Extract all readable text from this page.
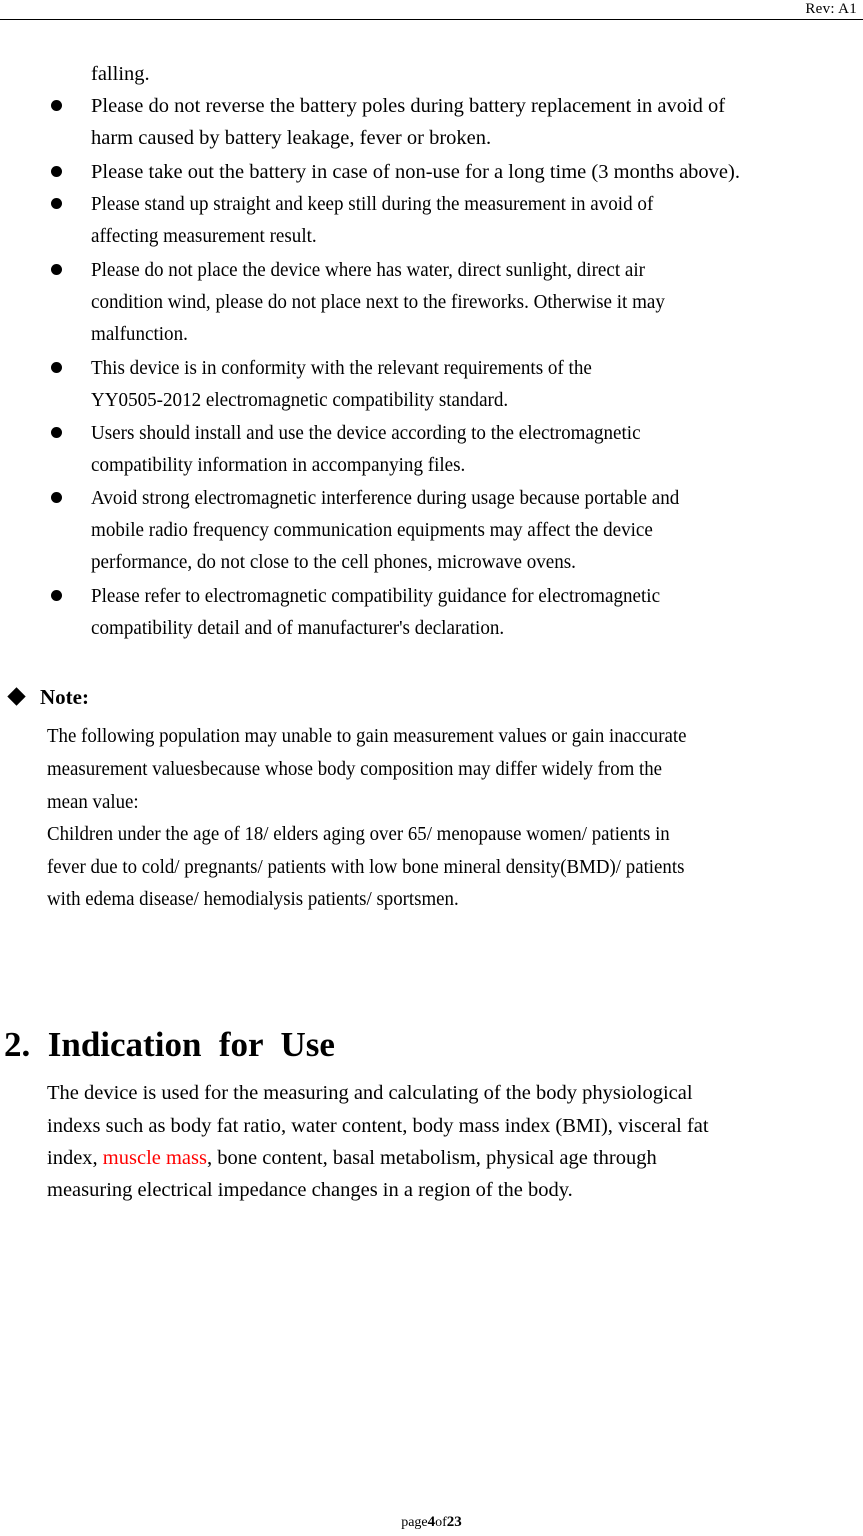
Rev: A1
falling.
Please do not reverse the battery poles during battery replacement in avoid of
harm caused by battery leakage, fever or broken.
Please take out the battery in case of non-use for a long time (3 months above).
Please stand up straight and keep still during the measurement in avoid of
affecting measurement result.
Please do not place the device where has water, direct sunlight, direct air
condition wind, please do not place next to the fireworks. Otherwise it may
malfunction.
This device is in conformity with the relevant requirements of the
YY0505-2012 electromagnetic compatibility standard.
Users should install and use the device according to the electromagnetic
compatibility information in accompanying files.
Avoid strong electromagnetic interference during usage because portable and
mobile radio frequency communication equipments may affect the device
performance, do not close to the cell phones, microwave ovens.
Please refer to electromagnetic compatibility guidance for electromagnetic
compatibility detail and of manufacturer's declaration.
Note:
The following population may unable to gain measurement values or gain inaccurate
measurement valuesbecause whose body composition may differ widely from the
mean value:
Children under the age of 18/ elders aging over 65/ menopause women/ patients in
fever due to cold/ pregnants/ patients with low bone mineral density(BMD)/ patients
with edema disease/ hemodialysis patients/ sportsmen.
2.  Indication  for  Use
The device is used for the measuring and calculating of the body physiological
indexs such as body fat ratio, water content, body mass index (BMI), visceral fat
index, muscle mass, bone content, basal metabolism, physical age through
measuring electrical impedance changes in a region of the body.
page4of23
